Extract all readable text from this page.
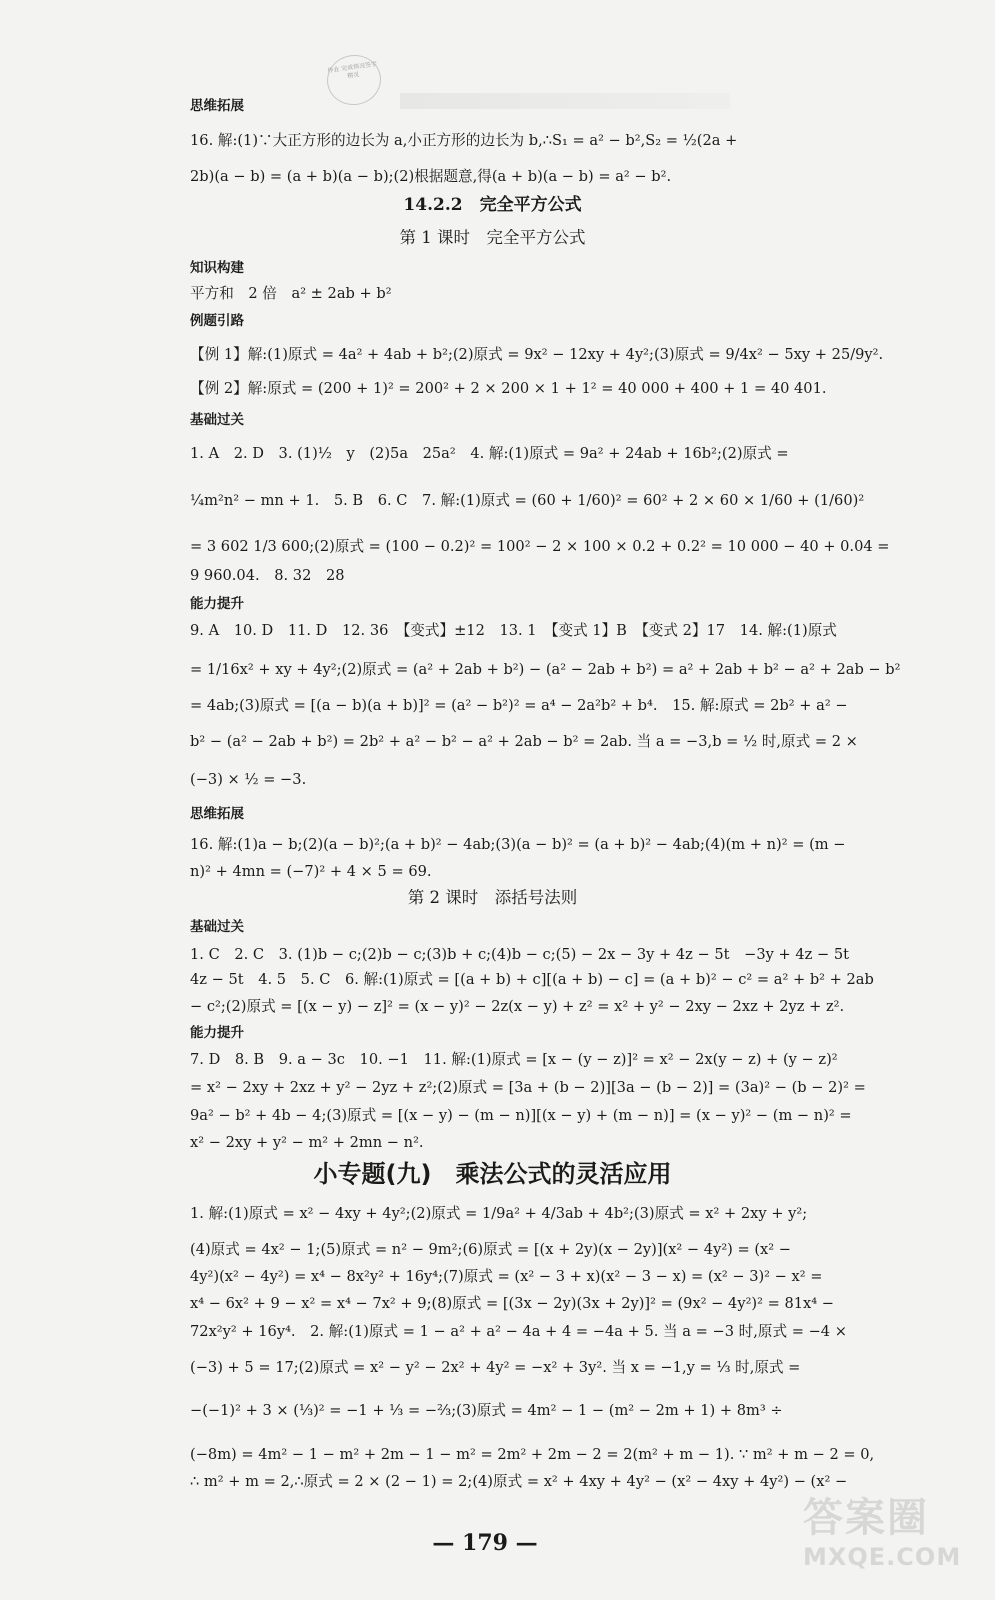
作业 完成情况签字 精灵
思维拓展
16. 解:(1)∵大正方形的边长为 a,小正方形的边长为 b,∴S₁ = a² − b²,S₂ = ½(2a +
2b)(a − b) = (a + b)(a − b);(2)根据题意,得(a + b)(a − b) = a² − b².
14.2.2　完全平方公式
第 1 课时　完全平方公式
知识构建
平方和　2 倍　a² ± 2ab + b²
例题引路
【例 1】解:(1)原式 = 4a² + 4ab + b²;(2)原式 = 9x² − 12xy + 4y²;(3)原式 = 9/4x² − 5xy + 25/9y².
【例 2】解:原式 = (200 + 1)² = 200² + 2 × 200 × 1 + 1² = 40 000 + 400 + 1 = 40 401.
基础过关
1. A　2. D　3. (1)½　y　(2)5a　25a²　4. 解:(1)原式 = 9a² + 24ab + 16b²;(2)原式 =
¼m²n² − mn + 1.　5. B　6. C　7. 解:(1)原式 = (60 + 1/60)² = 60² + 2 × 60 × 1/60 + (1/60)²
= 3 602 1/3 600;(2)原式 = (100 − 0.2)² = 100² − 2 × 100 × 0.2 + 0.2² = 10 000 − 40 + 0.04 =
9 960.04.　8. 32　28
能力提升
9. A　10. D　11. D　12. 36　【变式】±12　13. 1　【变式 1】B　【变式 2】17　14. 解:(1)原式
= 1/16x² + xy + 4y²;(2)原式 = (a² + 2ab + b²) − (a² − 2ab + b²) = a² + 2ab + b² − a² + 2ab − b²
= 4ab;(3)原式 = [(a − b)(a + b)]² = (a² − b²)² = a⁴ − 2a²b² + b⁴.　15. 解:原式 = 2b² + a² −
b² − (a² − 2ab + b²) = 2b² + a² − b² − a² + 2ab − b² = 2ab. 当 a = −3,b = ½ 时,原式 = 2 ×
(−3) × ½ = −3.
思维拓展
16. 解:(1)a − b;(2)(a − b)²;(a + b)² − 4ab;(3)(a − b)² = (a + b)² − 4ab;(4)(m + n)² = (m −
n)² + 4mn = (−7)² + 4 × 5 = 69.
第 2 课时　添括号法则
基础过关
1. C　2. C　3. (1)b − c;(2)b − c;(3)b + c;(4)b − c;(5) − 2x − 3y + 4z − 5t　−3y + 4z − 5t
4z − 5t　4. 5　5. C　6. 解:(1)原式 = [(a + b) + c][(a + b) − c] = (a + b)² − c² = a² + b² + 2ab
− c²;(2)原式 = [(x − y) − z]² = (x − y)² − 2z(x − y) + z² = x² + y² − 2xy − 2xz + 2yz + z².
能力提升
7. D　8. B　9. a − 3c　10. −1　11. 解:(1)原式 = [x − (y − z)]² = x² − 2x(y − z) + (y − z)²
= x² − 2xy + 2xz + y² − 2yz + z²;(2)原式 = [3a + (b − 2)][3a − (b − 2)] = (3a)² − (b − 2)² =
9a² − b² + 4b − 4;(3)原式 = [(x − y) − (m − n)][(x − y) + (m − n)] = (x − y)² − (m − n)² =
x² − 2xy + y² − m² + 2mn − n².
小专题(九)　乘法公式的灵活应用
1. 解:(1)原式 = x² − 4xy + 4y²;(2)原式 = 1/9a² + 4/3ab + 4b²;(3)原式 = x² + 2xy + y²;
(4)原式 = 4x² − 1;(5)原式 = n² − 9m²;(6)原式 = [(x + 2y)(x − 2y)](x² − 4y²) = (x² −
4y²)(x² − 4y²) = x⁴ − 8x²y² + 16y⁴;(7)原式 = (x² − 3 + x)(x² − 3 − x) = (x² − 3)² − x² =
x⁴ − 6x² + 9 − x² = x⁴ − 7x² + 9;(8)原式 = [(3x − 2y)(3x + 2y)]² = (9x² − 4y²)² = 81x⁴ −
72x²y² + 16y⁴.　2. 解:(1)原式 = 1 − a² + a² − 4a + 4 = −4a + 5. 当 a = −3 时,原式 = −4 ×
(−3) + 5 = 17;(2)原式 = x² − y² − 2x² + 4y² = −x² + 3y². 当 x = −1,y = ⅓ 时,原式 =
−(−1)² + 3 × (⅓)² = −1 + ⅓ = −⅔;(3)原式 = 4m² − 1 − (m² − 2m + 1) + 8m³ ÷
(−8m) = 4m² − 1 − m² + 2m − 1 − m² = 2m² + 2m − 2 = 2(m² + m − 1). ∵ m² + m − 2 = 0,
∴ m² + m = 2,∴原式 = 2 × (2 − 1) = 2;(4)原式 = x² + 4xy + 4y² − (x² − 4xy + 4y²) − (x² −
— 179 —
答案圈
MXQE.COM
